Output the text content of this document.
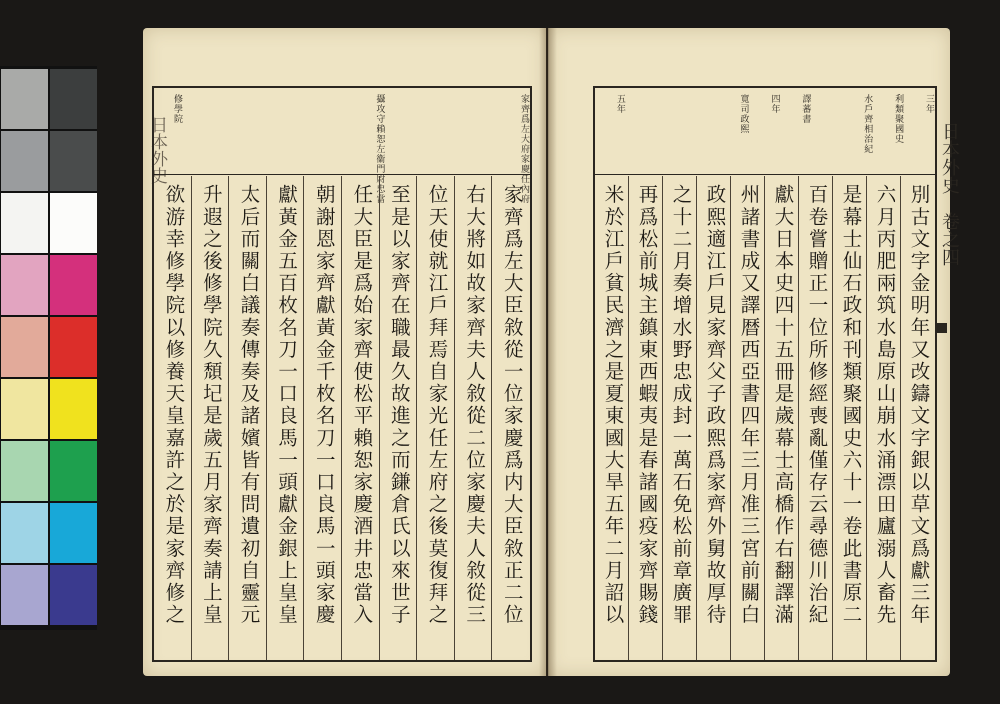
日本外史	家齊爲左大府家慶任內府
攝攻守賴恕左衞門尉忠當
修學院
家齊爲左大臣敘從一位家慶爲内大臣敘正二位
右大將如故家齊夫人敘從二位家慶夫人敘從三
位天使就江戶拜焉自家光任左府之後莫復拜之
至是以家齊在職最久故進之而鎌倉氏以來世子
任大臣是爲始家齊使松平賴恕家慶酒井忠當入
朝謝恩家齊獻黃金千枚名刀一口良馬一頭家慶
獻黃金五百枚名刀一口良馬一頭獻金銀上皇皇
太后而關白議奏傳奏及諸嬪皆有問遺初自靈元
升遐之後修學院久頹圮是歲五月家齊奏請上皇
欲游幸修學院以修養天皇嘉許之於是家齊修之
三年
利類聚國史
水戶齊相治紀
譯蕃書
四年
寬司政熙
五年
別古文字金明年又改鑄文字銀以草文爲獻三年
六月丙肥兩筑水島原山崩水涌漂田廬溺人畜先
是幕士仙石政和刊類聚國史六十一卷此書原二
百卷嘗贈正一位所修經喪亂僅存云尋德川治紀
獻大日本史四十五冊是歲幕士高橋作右翻譯滿
州諸書成又譯暦西亞書四年三月准三宮前關白
政熙適江戶見家齊父子政熙爲家齊外舅故厚待
之十二月奏增水野忠成封一萬石免松前章廣罪
再爲松前城主鎮東西蝦夷是春諸國疫家齊賜錢
米於江戶貧民濟之是夏東國大旱五年二月詔以	日本外史　卷之四
